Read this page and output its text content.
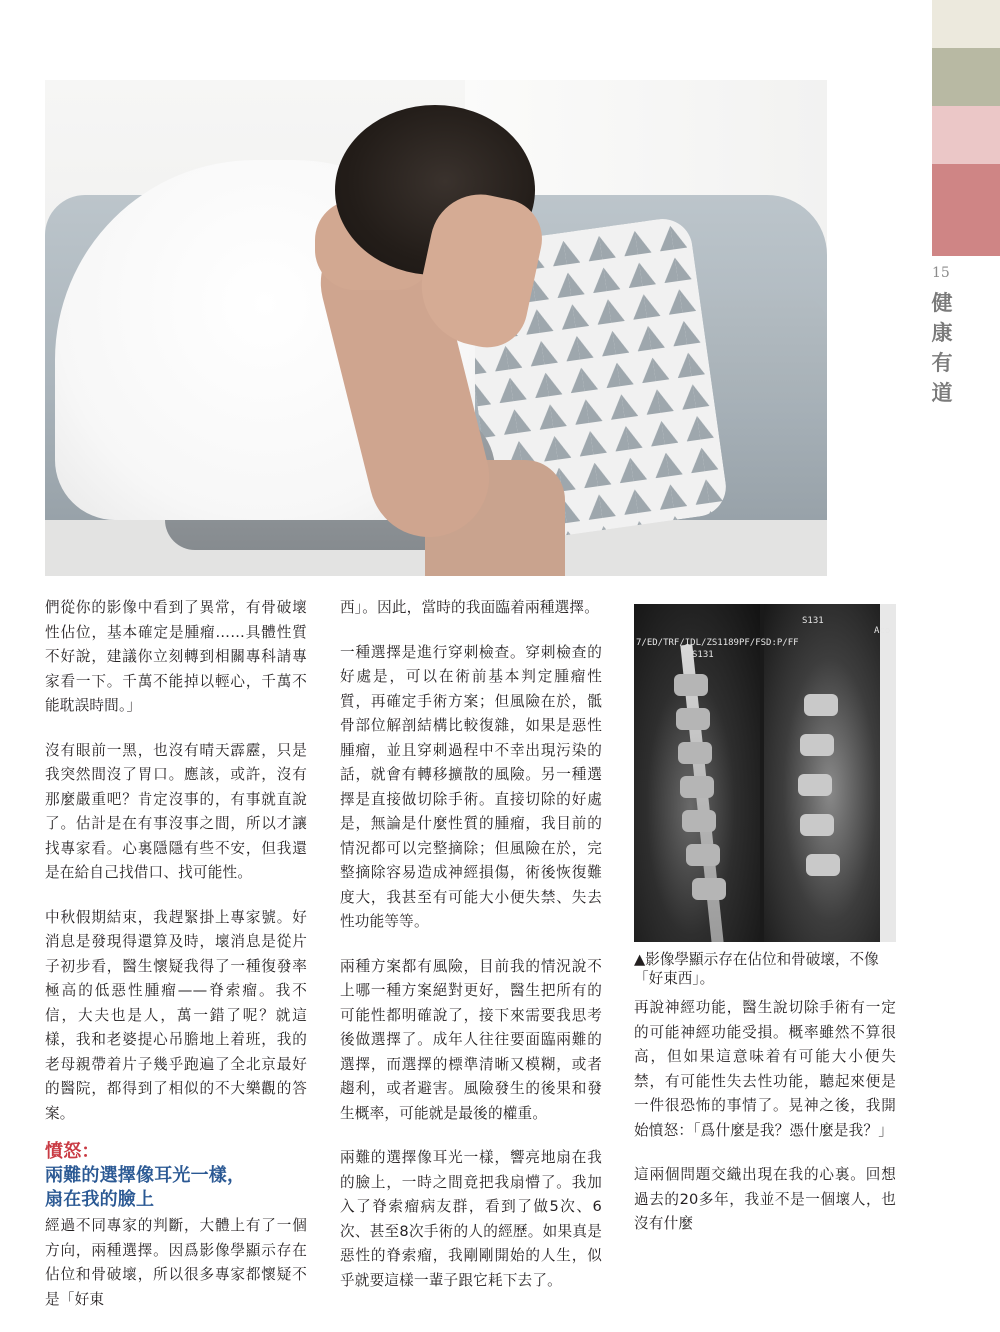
15
健
康
有
道

們從你的影像中看到了異常，有骨破壞性佔位，基本確定是腫瘤……具體性質不好說，建議你立刻轉到相關專科請專家看一下。千萬不能掉以輕心，千萬不能耽誤時間。」

沒有眼前一黑，也沒有晴天霹靂，只是我突然間沒了胃口。應該，或許，沒有那麼嚴重吧？肯定沒事的，有事就直說了。估計是在有事沒事之間，所以才讓找專家看。心裏隱隱有些不安，但我還是在給自己找借口、找可能性。

中秋假期結束，我趕緊掛上專家號。好消息是發現得還算及時，壞消息是從片子初步看，醫生懷疑我得了一種復發率極高的低惡性腫瘤——脊索瘤。我不信，大夫也是人，萬一錯了呢？就這樣，我和老婆提心吊膽地上着班，我的老母親帶着片子幾乎跑遍了全北京最好的醫院，都得到了相似的不大樂觀的答案。

憤怒：
兩難的選擇像耳光一樣，
扇在我的臉上

經過不同專家的判斷，大體上有了一個方向，兩種選擇。因爲影像學顯示存在佔位和骨破壞，所以很多專家都懷疑不是「好東

西」。因此，當時的我面臨着兩種選擇。

一種選擇是進行穿刺檢查。穿刺檢查的好處是，可以在術前基本判定腫瘤性質，再確定手術方案；但風險在於，骶骨部位解剖結構比較復雜，如果是惡性腫瘤，並且穿刺過程中不幸出現污染的話，就會有轉移擴散的風險。另一種選擇是直接做切除手術。直接切除的好處是，無論是什麼性質的腫瘤，我目前的情況都可以完整摘除；但風險在於，完整摘除容易造成神經損傷，術後恢復難度大，我甚至有可能大小便失禁、失去性功能等等。

兩種方案都有風險，目前我的情況說不上哪一種方案絕對更好，醫生把所有的可能性都明確說了，接下來需要我思考後做選擇了。成年人往往要面臨兩難的選擇，而選擇的標準清晰又模糊，或者趨利，或者避害。風險發生的後果和發生概率，可能就是最後的權重。

兩難的選擇像耳光一樣，響亮地扇在我的臉上，一時之間竟把我扇懵了。我加入了脊索瘤病友群，看到了做5次、6次、甚至8次手術的人的經歷。如果真是惡性的脊索瘤，我剛剛開始的人生，似乎就要這樣一輩子跟它耗下去了。

7/ED/TRF/IDL/ZS1189PF/FSD:P/FF
S131
S131
Aco
▲影像學顯示存在佔位和骨破壞，不像「好東西」。

再說神經功能，醫生說切除手術有一定的可能神經功能受損。概率雖然不算很高，但如果這意味着有可能大小便失禁，有可能性失去性功能，聽起來便是一件很恐怖的事情了。晃神之後，我開始憤怒：「爲什麼是我？憑什麼是我？」

這兩個問題交織出現在我的心裏。回想過去的20多年，我並不是一個壞人，也沒有什麼
